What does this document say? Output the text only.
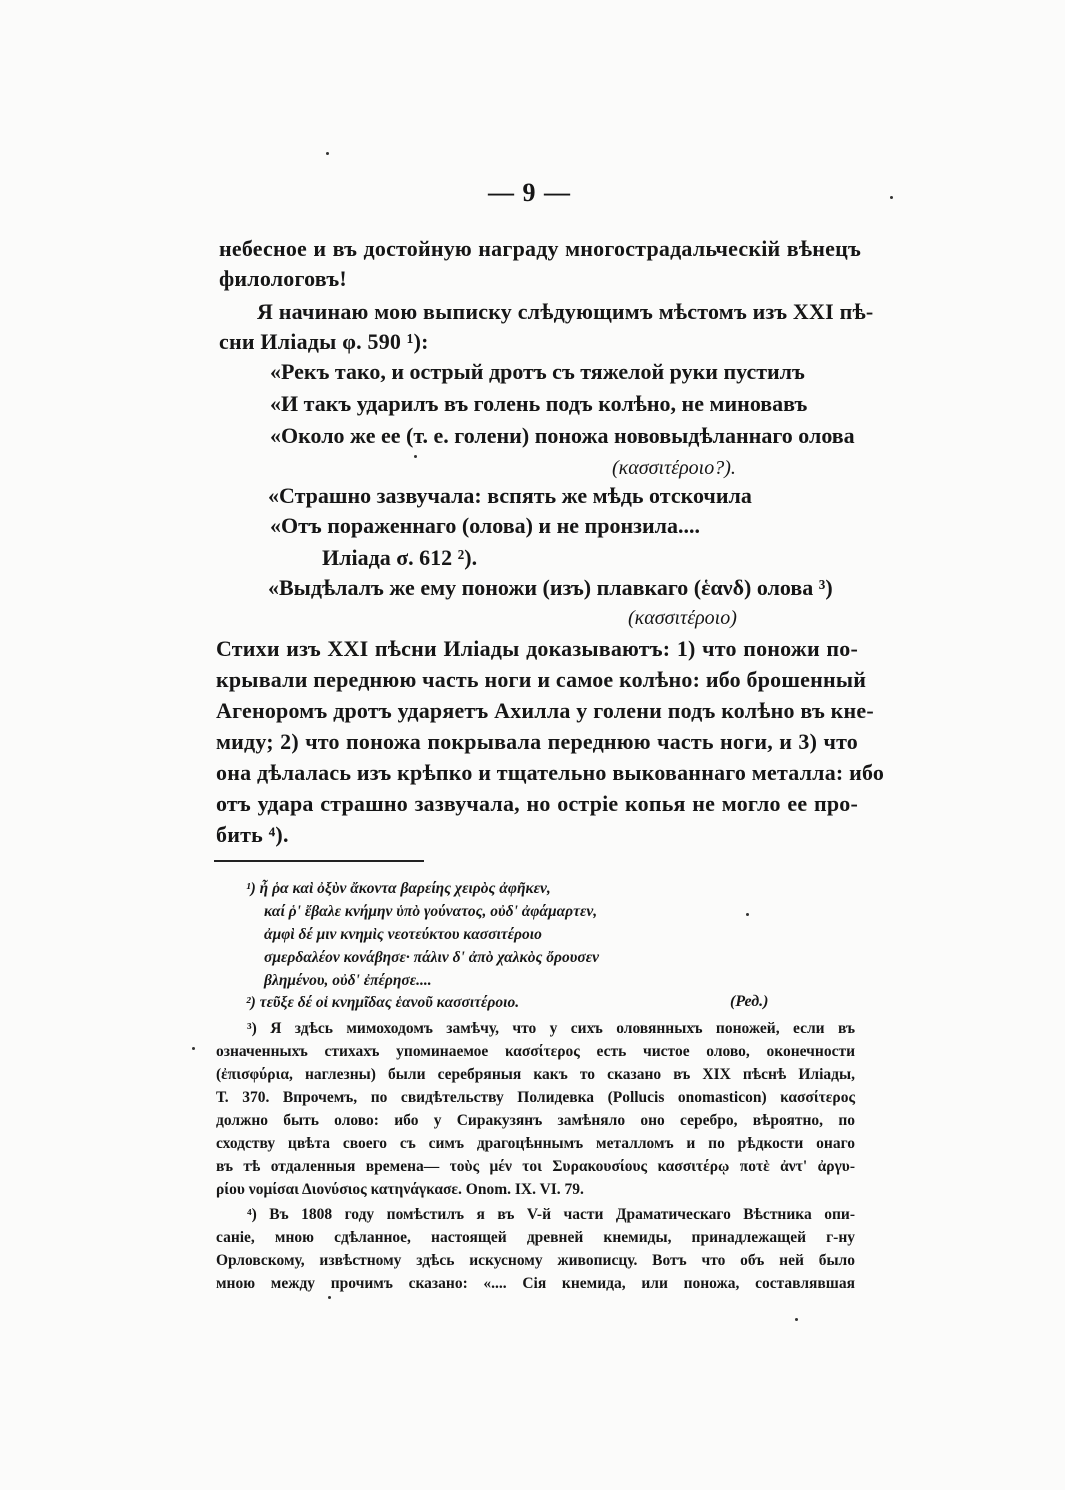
— 9 —
небесное и въ достойную награду многострадальческій вѣнецъ
филологовъ!
Я начинаю мою выписку слѣдующимъ мѣстомъ изъ XXI пѣ-
сни Иліады φ. 590 ¹):
«Рекъ тако, и острый дротъ съ тяжелой руки пустилъ
«И такъ ударилъ въ голень подъ колѣно, не миновавъ
«Около же ее (т. е. голени) поножа нововыдѣланнаго олова
(κασσιτέροιο?).
«Страшно зазвучала: вспять же мѣдь отскочила
«Отъ пораженнаго (олова) и не пронзила....
Иліада σ. 612 ²).
«Выдѣлалъ же ему поножи (изъ) плавкаго (ἑανδ) олова ³)
(κασσιτέροιο)
Стихи изъ XXI пѣсни Иліады доказываютъ: 1) что поножи по-
крывали переднюю часть ноги и самое колѣно: ибо брошенный
Агеноромъ дротъ ударяетъ Ахилла у голени подъ колѣно въ кне-
миду; 2) что поножа покрывала переднюю часть ноги, и 3) что
она дѣлалась изъ крѣпко и тщательно выкованнаго металла: ибо
отъ удара страшно зазвучала, но остріе копья не могло ее про-
бить ⁴).
¹) ἦ ῥα καὶ ὀξὺν ἄκοντα βαρείης χειρὸς ἀφῆκεν,
καί ῥ' ἔβαλε κνήμην ὑπὸ γούνατος, οὐδ' ἀφάμαρτεν,
ἀμφὶ δέ μιν κνημὶς νεοτεύκτου κασσιτέροιο
σμερδαλέον κονάβησε· πάλιν δ' ἀπὸ χαλκὸς ὄρουσεν
βλημένου, οὐδ' ἐπέρησε....
²) τεῦξε δέ οἱ κνημῖδας ἑανοῦ κασσιτέροιο.	(Ред.)
³) Я здѣсь мимоходомъ замѣчу, что у сихъ оловянныхъ поножей, если въ
означенныхъ стихахъ упоминаемое κασσίτερος есть чистое олово, оконечности
(ἐπισφύρια, наглезны) были серебряныя какъ то сказано въ XIX пѣснѣ Иліады,
Т. 370. Впрочемъ, по свидѣтельству Полидевка (Pollucis onomasticon) κασσίτερος
должно быть олово: ибо у Сиракузянъ замѣняло оно серебро, вѣроятно, по
сходству цвѣта своего съ симъ драгоцѣннымъ металломъ и по рѣдкости онаго
въ тѣ отдаленныя времена— τοὺς μέν τοι Συρακουσίους κασσιτέρῳ ποτὲ ἀντ' ἀργυ-
ρίου νομίσαι Διονύσιος κατηνάγκασε. Onom. IX. VI. 79.
⁴) Въ 1808 году помѣстилъ я въ V-й части Драматическаго Вѣстника опи-
саніе, мною сдѣланное, настоящей древней кнемиды, принадлежащей г-ну
Орловскому, извѣстному здѣсь искусному живописцу. Вотъ что объ ней было
мною между прочимъ сказано: «.... Сія кнемида, или поножа, составлявшая
